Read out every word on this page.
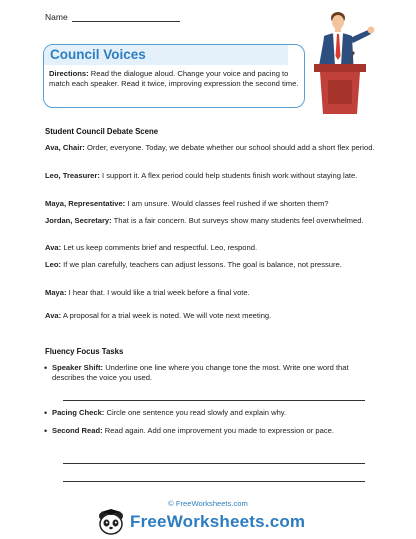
Name
Council Voices
Directions: Read the dialogue aloud. Change your voice and pacing to match each speaker. Read it twice, improving expression the second time.
Student Council Debate Scene
Ava, Chair: Order, everyone. Today, we debate whether our school should add a short flex period.
Leo, Treasurer: I support it. A flex period could help students finish work without staying late.
Maya, Representative: I am unsure. Would classes feel rushed if we shorten them?
Jordan, Secretary: That is a fair concern. But surveys show many students feel overwhelmed.
Ava: Let us keep comments brief and respectful. Leo, respond.
Leo: If we plan carefully, teachers can adjust lessons. The goal is balance, not pressure.
Maya: I hear that. I would like a trial week before a final vote.
Ava: A proposal for a trial week is noted. We will vote next meeting.
Fluency Focus Tasks
• Speaker Shift: Underline one line where you change tone the most. Write one word that describes the voice you used.
• Pacing Check: Circle one sentence you read slowly and explain why.
• Second Read: Read again. Add one improvement you made to expression or pace.
© FreeWorksheets.com
FreeWorksheets.com
